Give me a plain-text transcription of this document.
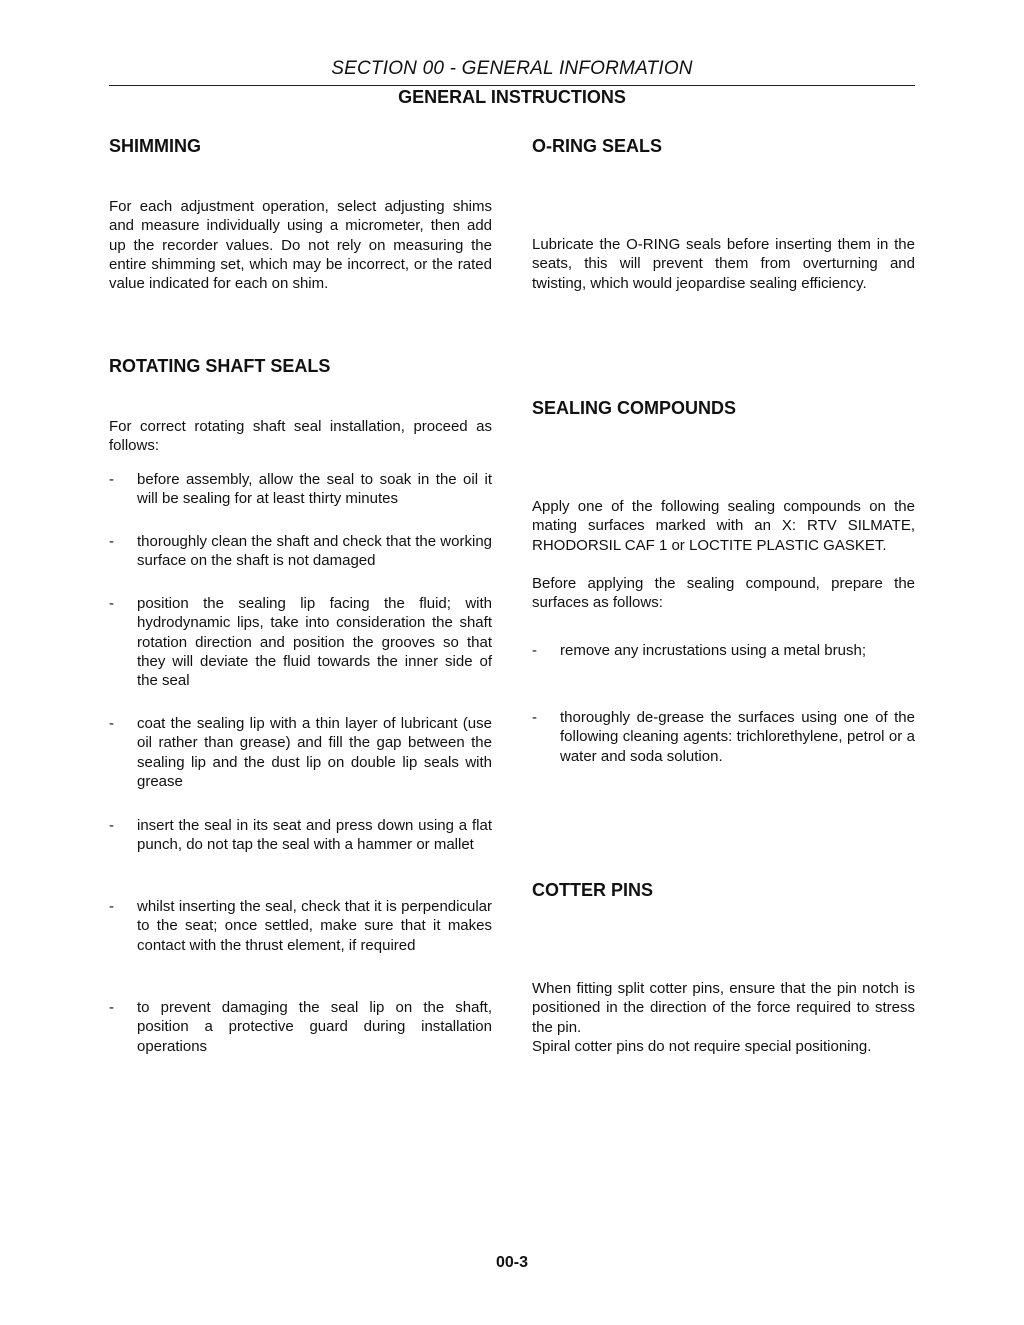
SECTION 00 - GENERAL INFORMATION
GENERAL INSTRUCTIONS
SHIMMING
For each adjustment operation, select adjusting shims and measure individually using a micrometer, then add up the recorder values. Do not rely on measuring the entire shimming set, which may be incorrect, or the rated value indicated for each on shim.
ROTATING SHAFT SEALS
For correct rotating shaft seal installation, proceed as follows:
-	before assembly, allow the seal to soak in the oil it will be sealing for at least thirty minutes
-	thoroughly clean the shaft and check that the working surface on the shaft is not damaged
-	position the sealing lip facing the fluid; with hydrodynamic lips, take into consideration the shaft rotation direction and position the grooves so that they will deviate the fluid towards the inner side of the seal
-	coat the sealing lip with a thin layer of lubricant (use oil rather than grease) and fill the gap between the sealing lip and the dust lip on double lip seals with grease
-	insert the seal in its seat and press down using a flat punch, do not tap the seal with a hammer or mallet
-	whilst inserting the seal, check that it is perpendicular to the seat; once settled, make sure that it makes contact with the thrust element, if required
-	to prevent damaging the seal lip on the shaft, position a protective guard during installation operations
O-RING SEALS
Lubricate the O-RING seals before inserting them in the seats, this will prevent them from overturning and twisting, which would jeopardise sealing efficiency.
SEALING COMPOUNDS
Apply one of the following sealing compounds on the mating surfaces marked with an X: RTV SILMATE, RHODORSIL CAF 1 or LOCTITE PLASTIC GASKET.
Before applying the sealing compound, prepare the surfaces as follows:
-	remove any incrustations using a metal brush;
-	thoroughly de-grease the surfaces using one of the following cleaning agents: trichlorethylene, petrol or a water and soda solution.
COTTER PINS
When fitting split cotter pins, ensure that the pin notch is positioned in the direction of the force required to stress the pin.
Spiral cotter pins do not require special positioning.
00-3
